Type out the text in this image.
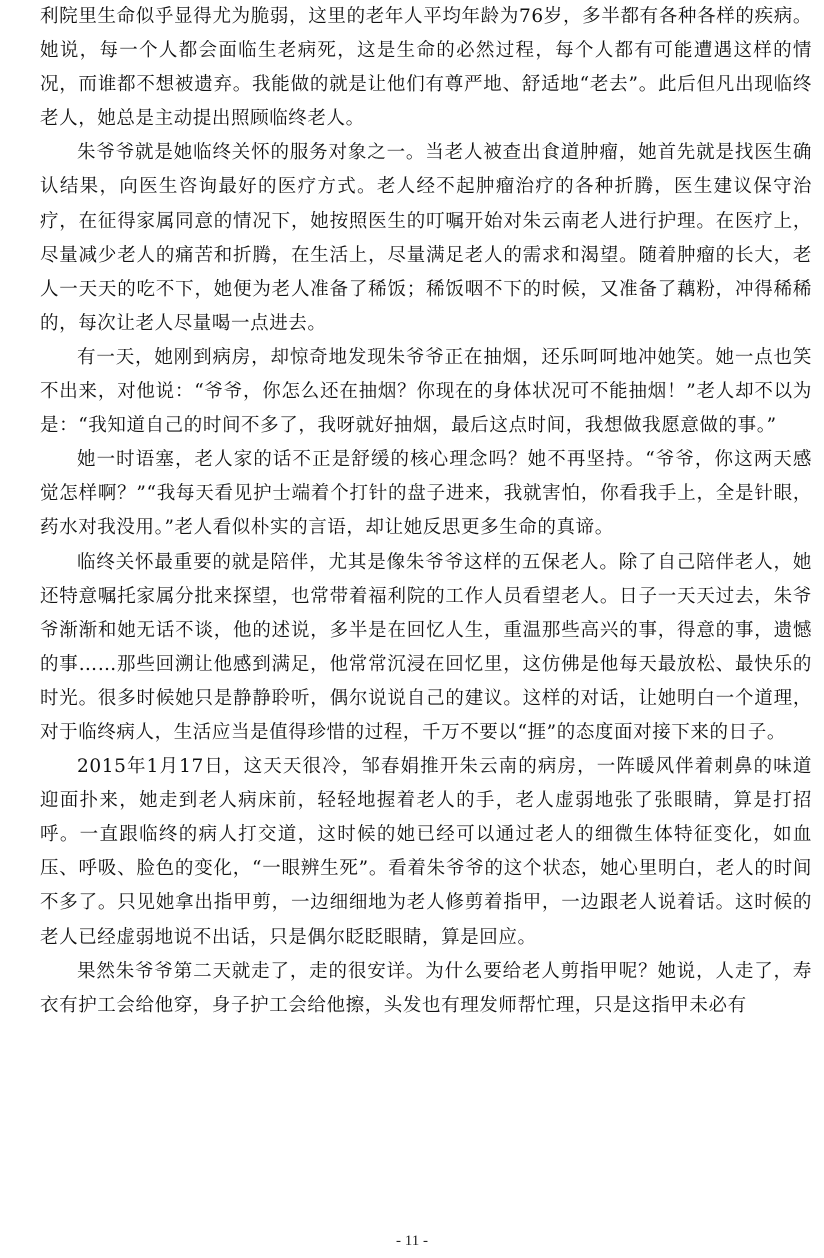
利院里生命似乎显得尤为脆弱，这里的老年人平均年龄为76岁，多半都有各种各样的疾病。她说，每一个人都会面临生老病死，这是生命的必然过程，每个人都有可能遭遇这样的情况，而谁都不想被遗弃。我能做的就是让他们有尊严地、舒适地“老去”。此后但凡出现临终老人，她总是主动提出照顾临终老人。

朱爷爷就是她临终关怀的服务对象之一。当老人被查出食道肿瘤，她首先就是找医生确认结果，向医生咨询最好的医疗方式。老人经不起肿瘤治疗的各种折腾，医生建议保守治疗，在征得家属同意的情况下，她按照医生的叮嘱开始对朱云南老人进行护理。在医疗上，尽量减少老人的痛苦和折腾，在生活上，尽量满足老人的需求和渴望。随着肿瘤的长大，老人一天天的吃不下，她便为老人准备了稀饭；稀饭咽不下的时候，又准备了藕粉，冲得稀稀的，每次让老人尽量喝一点进去。

有一天，她刚到病房，却惊奇地发现朱爷爷正在抽烟，还乐呵呵地冲她笑。她一点也笑不出来，对他说：“爷爷，你怎么还在抽烟？你现在的身体状况可不能抽烟！”老人却不以为是：“我知道自己的时间不多了，我呀就好抽烟，最后这点时间，我想做我愿意做的事。”

她一时语塞，老人家的话不正是舒缓的核心理念吗？她不再坚持。“爷爷，你这两天感觉怎样啊？”“我每天看见护士端着个打针的盘子进来，我就害怕，你看我手上，全是针眼，药水对我没用。”老人看似朴实的言语，却让她反思更多生命的真谛。

临终关怀最重要的就是陪伴，尤其是像朱爷爷这样的五保老人。除了自己陪伴老人，她还特意嘱托家属分批来探望，也常带着福利院的工作人员看望老人。日子一天天过去，朱爷爷渐渐和她无话不谈，他的述说，多半是在回忆人生，重温那些高兴的事，得意的事，遗憾的事……那些回溯让他感到满足，他常常沉浸在回忆里，这仿佛是他每天最放松、最快乐的时光。很多时候她只是静静聆听，偶尔说说自己的建议。这样的对话，让她明白一个道理，对于临终病人，生活应当是值得珍惜的过程，千万不要以“捱”的态度面对接下来的日子。

2015年1月17日，这天天很冷，邹春娟推开朱云南的病房，一阵暖风伴着刺鼻的味道迎面扑来，她走到老人病床前，轻轻地握着老人的手，老人虚弱地张了张眼睛，算是打招呼。一直跟临终的病人打交道，这时候的她已经可以通过老人的细微生体特征变化，如血压、呼吸、脸色的变化，“一眼辨生死”。看着朱爷爷的这个状态，她心里明白，老人的时间不多了。只见她拿出指甲剪，一边细细地为老人修剪着指甲，一边跟老人说着话。这时候的老人已经虚弱地说不出话，只是偶尔眨眨眼睛，算是回应。

果然朱爷爷第二天就走了，走的很安详。为什么要给老人剪指甲呢？她说，人走了，寿衣有护工会给他穿，身子护工会给他擦，头发也有理发师帮忙理，只是这指甲未必有

- 11 -
